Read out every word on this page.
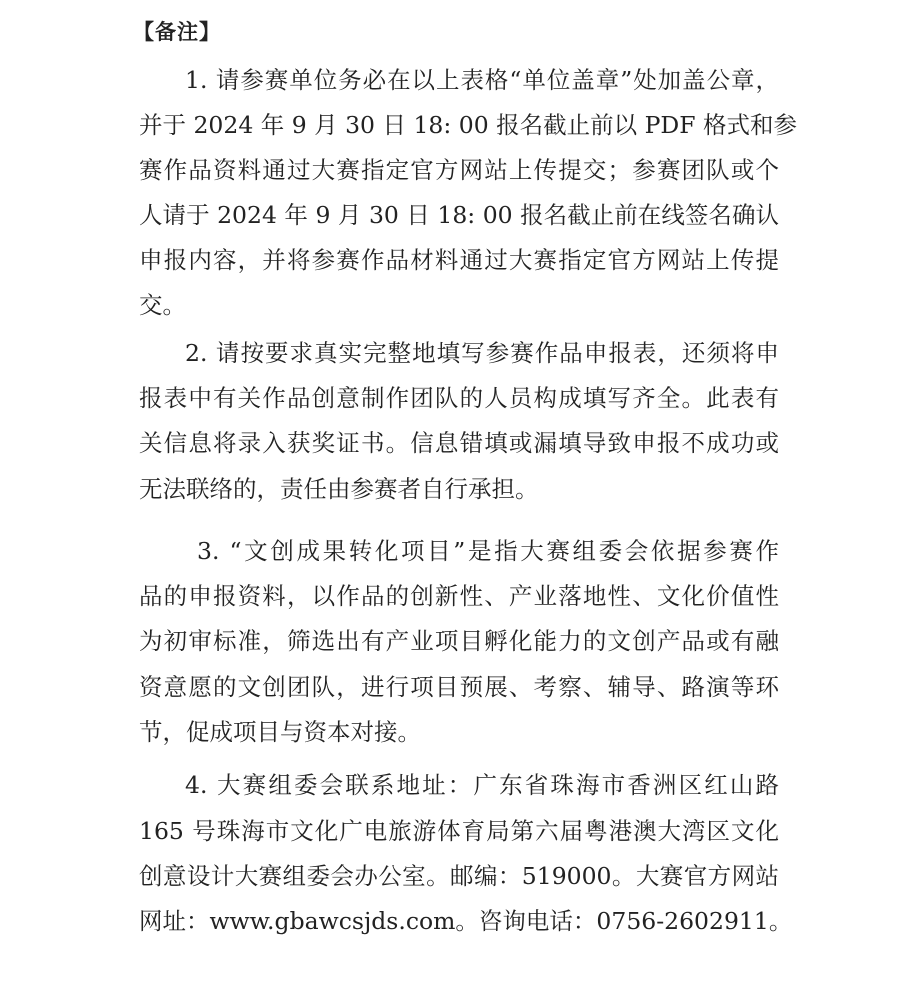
【备注】
1. 请参赛单位务必在以上表格“单位盖章”处加盖公章，
并于 2024 年 9 月 30 日 18: 00 报名截止前以 PDF 格式和参
赛作品资料通过大赛指定官方网站上传提交；参赛团队或个
人请于 2024 年 9 月 30 日 18: 00 报名截止前在线签名确认
申报内容，并将参赛作品材料通过大赛指定官方网站上传提
交。
2. 请按要求真实完整地填写参赛作品申报表，还须将申
报表中有关作品创意制作团队的人员构成填写齐全。此表有
关信息将录入获奖证书。信息错填或漏填导致申报不成功或
无法联络的，责任由参赛者自行承担。
3. “文创成果转化项目”是指大赛组委会依据参赛作
品的申报资料，以作品的创新性、产业落地性、文化价值性
为初审标准，筛选出有产业项目孵化能力的文创产品或有融
资意愿的文创团队，进行项目预展、考察、辅导、路演等环
节，促成项目与资本对接。
4. 大赛组委会联系地址：广东省珠海市香洲区红山路
165 号珠海市文化广电旅游体育局第六届粤港澳大湾区文化
创意设计大赛组委会办公室。邮编：519000。大赛官方网站
网址：www.gbawcsjds.com。咨询电话：0756-2602911。
